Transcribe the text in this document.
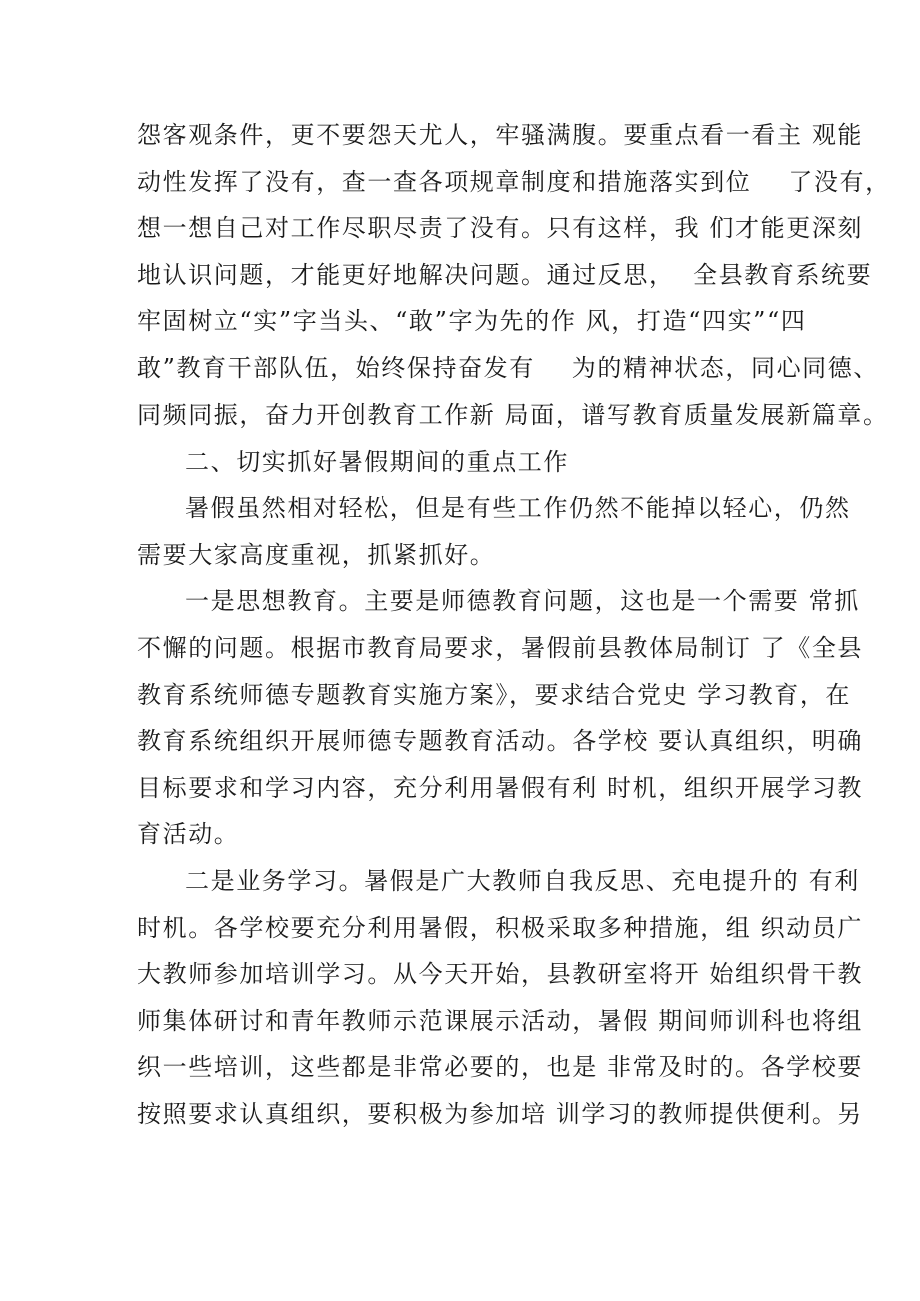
怨客观条件，更不要怨天尤人，牢骚满腹。要重点看一看主 观能
动性发挥了没有，查一查各项规章制度和措施落实到位    了没有，
想一想自己对工作尽职尽责了没有。只有这样，我 们才能更深刻
地认识问题，才能更好地解决问题。通过反思，  全县教育系统要
牢固树立“实”字当头、“敢”字为先的作 风，打造“四实”“四
敢”教育干部队伍，始终保持奋发有    为的精神状态，同心同德、
同频同振，奋力开创教育工作新 局面，谱写教育质量发展新篇章。
二、切实抓好暑假期间的重点工作
暑假虽然相对轻松，但是有些工作仍然不能掉以轻心，仍然
需要大家高度重视，抓紧抓好。
一是思想教育。主要是师德教育问题，这也是一个需要 常抓
不懈的问题。根据市教育局要求，暑假前县教体局制订 了《全县
教育系统师德专题教育实施方案》，要求结合党史 学习教育，在
教育系统组织开展师德专题教育活动。各学校 要认真组织，明确
目标要求和学习内容，充分利用暑假有利 时机，组织开展学习教
育活动。
二是业务学习。暑假是广大教师自我反思、充电提升的 有利
时机。各学校要充分利用暑假，积极采取多种措施，组 织动员广
大教师参加培训学习。从今天开始，县教研室将开 始组织骨干教
师集体研讨和青年教师示范课展示活动，暑假 期间师训科也将组
织一些培训，这些都是非常必要的，也是 非常及时的。各学校要
按照要求认真组织，要积极为参加培 训学习的教师提供便利。另
